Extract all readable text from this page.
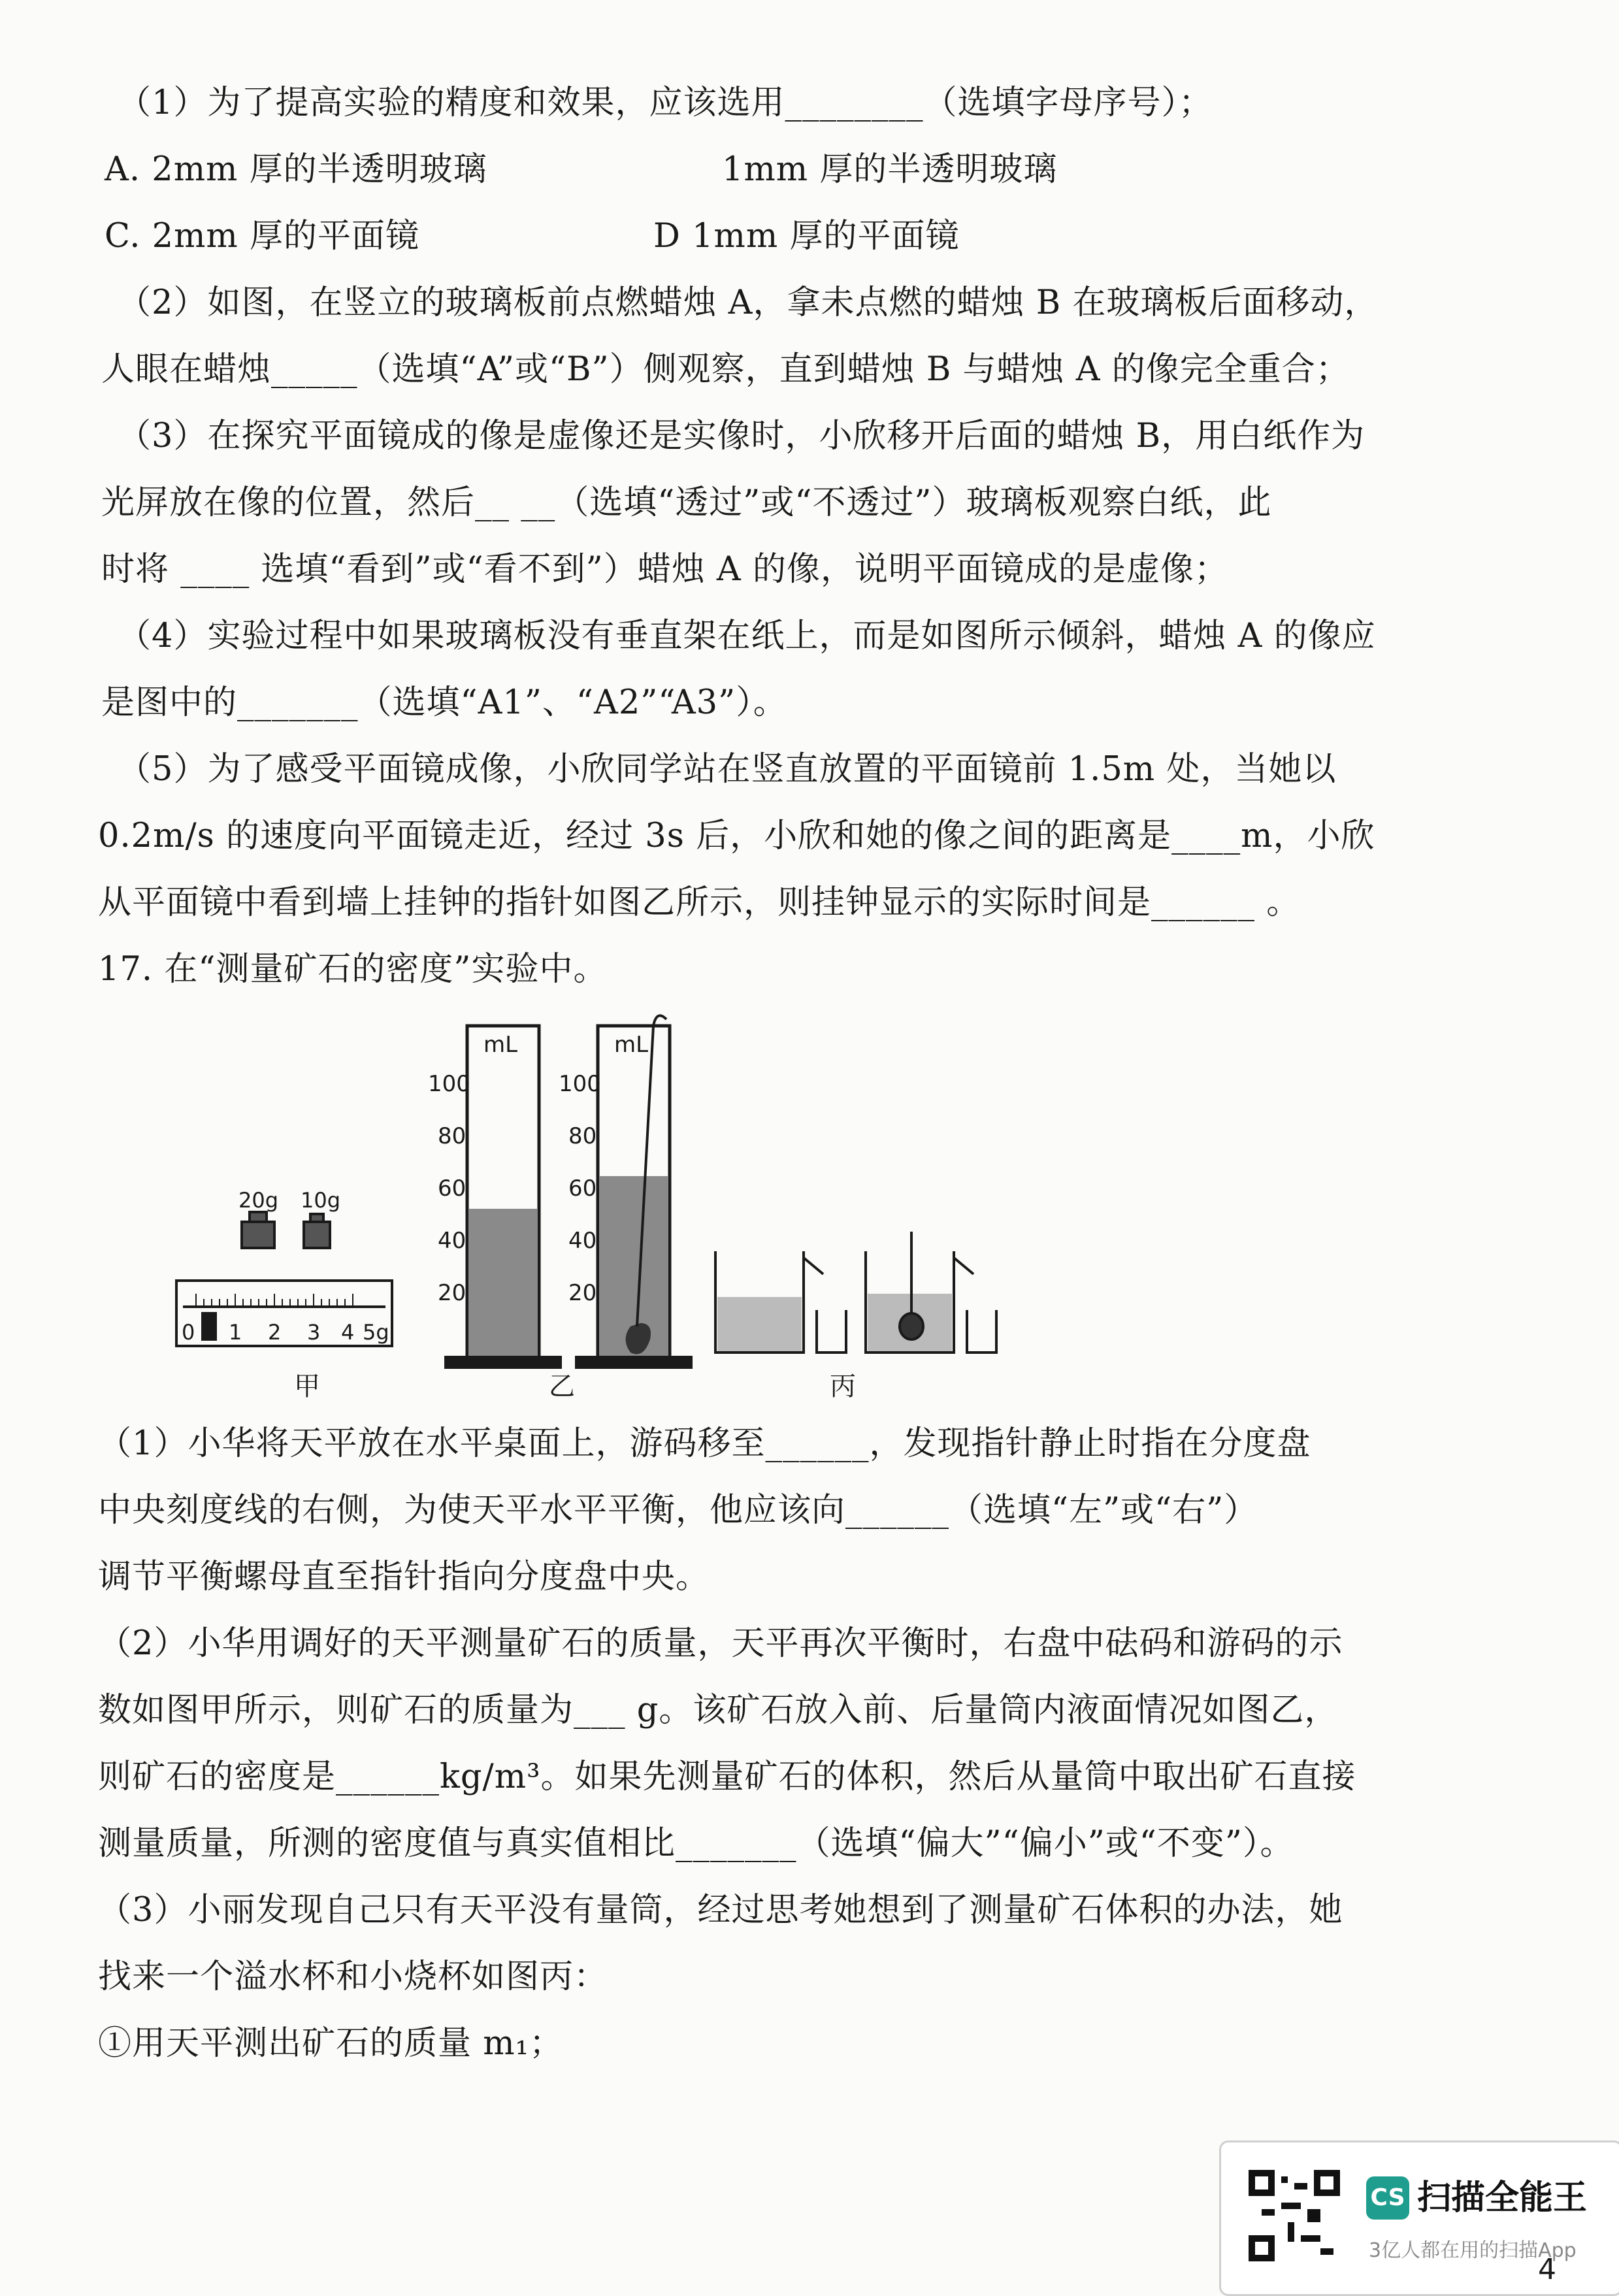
（1）为了提高实验的精度和效果，应该选用________（选填字母序号）；
A. 2mm 厚的半透明玻璃	1mm 厚的半透明玻璃
C. 2mm 厚的平面镜	D 1mm 厚的平面镜
（2）如图，在竖立的玻璃板前点燃蜡烛 A，拿未点燃的蜡烛 B 在玻璃板后面移动，
人眼在蜡烛_____（选填“A”或“B”）侧观察，直到蜡烛 B 与蜡烛 A 的像完全重合；
（3）在探究平面镜成的像是虚像还是实像时，小欣移开后面的蜡烛 B，用白纸作为
光屏放在像的位置，然后__ __（选填“透过”或“不透过”）玻璃板观察白纸，此
时将 ____ 选填“看到”或“看不到”）蜡烛 A 的像，说明平面镜成的是虚像；
（4）实验过程中如果玻璃板没有垂直架在纸上，而是如图所示倾斜，蜡烛 A 的像应
是图中的_______（选填“A1”、“A2”“A3”）。
（5）为了感受平面镜成像，小欣同学站在竖直放置的平面镜前 1.5m 处，当她以
0.2m/s 的速度向平面镜走近，经过 3s 后，小欣和她的像之间的距离是____m，小欣
从平面镜中看到墙上挂钟的指针如图乙所示，则挂钟显示的实际时间是______ 。
17. 在“测量矿石的密度”实验中。
20g 10g
0 1 2 3 4 5g
mL	mL
100
80
60
40
20
100
80
60
40
20
甲	乙	丙
（1）小华将天平放在水平桌面上，游码移至______，发现指针静止时指在分度盘
中央刻度线的右侧，为使天平水平平衡，他应该向______（选填“左”或“右”）
调节平衡螺母直至指针指向分度盘中央。
（2）小华用调好的天平测量矿石的质量，天平再次平衡时，右盘中砝码和游码的示
数如图甲所示，则矿石的质量为___ g。该矿石放入前、后量筒内液面情况如图乙，
则矿石的密度是______kg/m³。如果先测量矿石的体积，然后从量筒中取出矿石直接
测量质量，所测的密度值与真实值相比_______（选填“偏大”“偏小”或“不变”）。
（3）小丽发现自己只有天平没有量筒，经过思考她想到了测量矿石体积的办法，她
找来一个溢水杯和小烧杯如图丙：
①用天平测出矿石的质量 m₁；
CS 扫描全能王
3亿人都在用的扫描App
4
